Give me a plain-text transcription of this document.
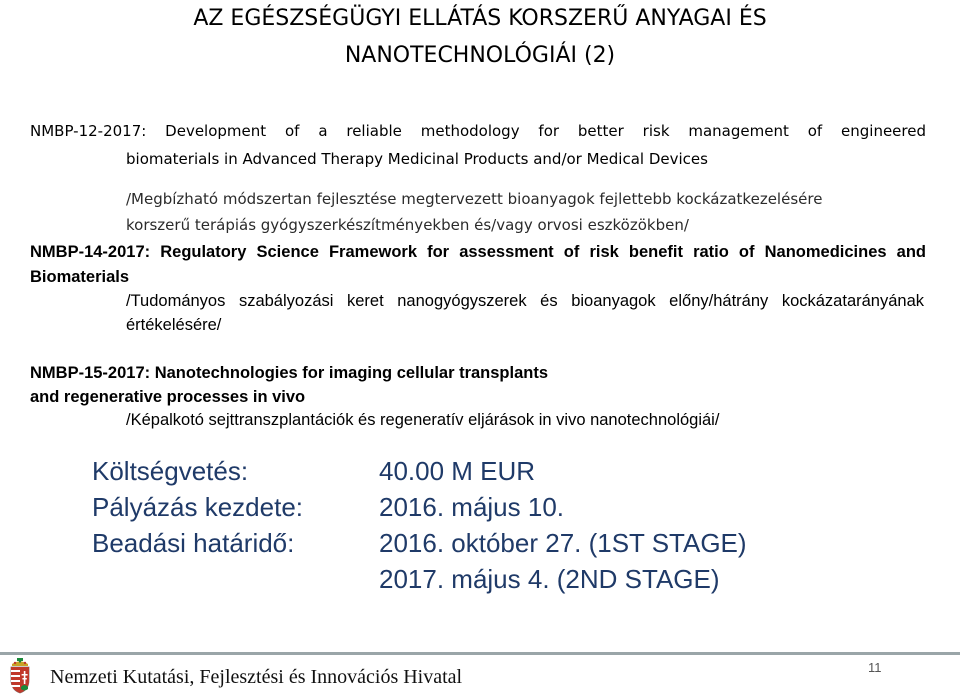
AZ EGÉSZSÉGÜGYI ELLÁTÁS KORSZERŰ ANYAGAI ÉS
NANOTECHNOLÓGIÁI (2)
NMBP-12-2017: Development of a reliable methodology for better risk management of engineered
biomaterials in Advanced Therapy Medicinal Products and/or Medical Devices
/Megbízható módszertan fejlesztése megtervezett bioanyagok fejlettebb kockázatkezelésére
korszerű terápiás gyógyszerkészítményekben és/vagy orvosi eszközökben/
NMBP-14-2017: Regulatory Science Framework for assessment of risk benefit ratio of Nanomedicines and
Biomaterials
/Tudományos szabályozási keret nanogyógyszerek és bioanyagok előny/hátrány kockázatarányának
értékelésére/
NMBP-15-2017: Nanotechnologies for imaging cellular transplants
and regenerative processes in vivo
/Képalkotó sejttranszplantációk és regeneratív eljárások in vivo nanotechnológiái/
Költségvetés:	40.00 M EUR
Pályázás kezdete:	2016. május 10.
Beadási határidő:	2016. október 27. (1ST STAGE)
2017. május 4. (2ND STAGE)
Nemzeti Kutatási, Fejlesztési és Innovációs Hivatal	11
